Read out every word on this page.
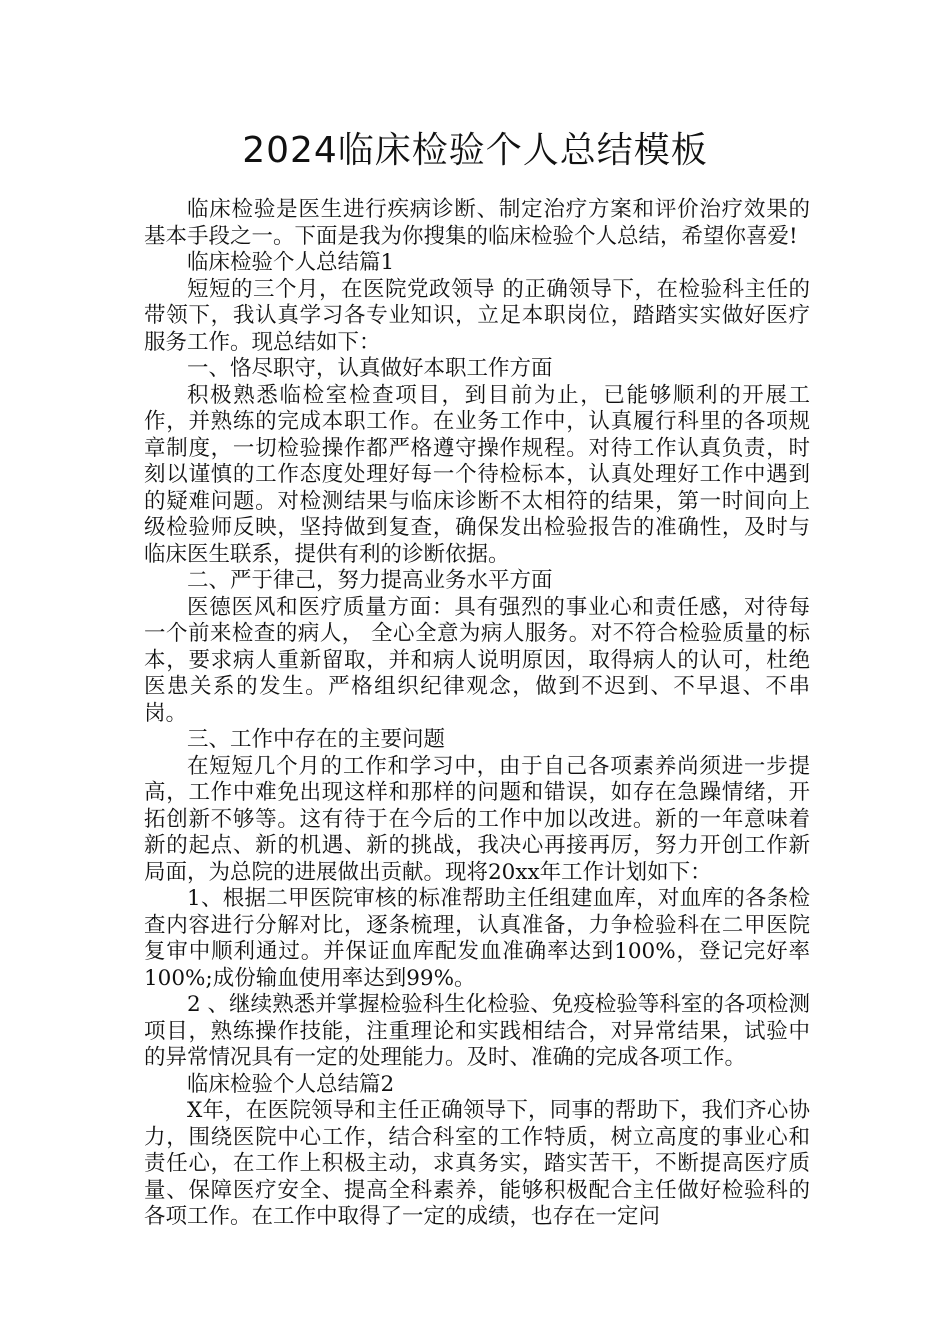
2024临床检验个人总结模板

临床检验是医生进行疾病诊断、制定治疗方案和评价治疗效果的基本手段之一。下面是我为你搜集的临床检验个人总结，希望你喜爱!

临床检验个人总结篇1

短短的三个月，在医院党政领导 的正确领导下，在检验科主任的带领下，我认真学习各专业知识，立足本职岗位，踏踏实实做好医疗服务工作。现总结如下：

一、恪尽职守，认真做好本职工作方面

积极熟悉临检室检查项目，到目前为止，已能够顺利的开展工作，并熟练的完成本职工作。在业务工作中，认真履行科里的各项规章制度，一切检验操作都严格遵守操作规程。对待工作认真负责，时刻以谨慎的工作态度处理好每一个待检标本，认真处理好工作中遇到的疑难问题。对检测结果与临床诊断不太相符的结果，第一时间向上级检验师反映，坚持做到复查，确保发出检验报告的准确性，及时与临床医生联系，提供有利的诊断依据。

二、严于律己，努力提高业务水平方面

医德医风和医疗质量方面：具有强烈的事业心和责任感，对待每一个前来检查的病人， 全心全意为病人服务。对不符合检验质量的标本，要求病人重新留取，并和病人说明原因，取得病人的认可，杜绝医患关系的发生。严格组织纪律观念，做到不迟到、不早退、不串岗。

三、工作中存在的主要问题

在短短几个月的工作和学习中，由于自己各项素养尚须进一步提高，工作中难免出现这样和那样的问题和错误，如存在急躁情绪，开拓创新不够等。这有待于在今后的工作中加以改进。新的一年意味着新的起点、新的机遇、新的挑战，我决心再接再厉，努力开创工作新局面，为总院的进展做出贡献。现将20xx年工作计划如下：

1、根据二甲医院审核的标准帮助主任组建血库，对血库的各条检查内容进行分解对比，逐条梳理，认真准备，力争检验科在二甲医院复审中顺利通过。并保证血库配发血准确率达到100%，登记完好率100%;成份输血使用率达到99%。

2 、继续熟悉并掌握检验科生化检验、免疫检验等科室的各项检测项目，熟练操作技能，注重理论和实践相结合，对异常结果，试验中的异常情况具有一定的处理能力。及时、准确的完成各项工作。

临床检验个人总结篇2

X年，在医院领导和主任正确领导下，同事的帮助下，我们齐心协力，围绕医院中心工作，结合科室的工作特质，树立高度的事业心和责任心，在工作上积极主动，求真务实，踏实苦干，不断提高医疗质量、保障医疗安全、提高全科素养，能够积极配合主任做好检验科的各项工作。在工作中取得了一定的成绩，也存在一定问
